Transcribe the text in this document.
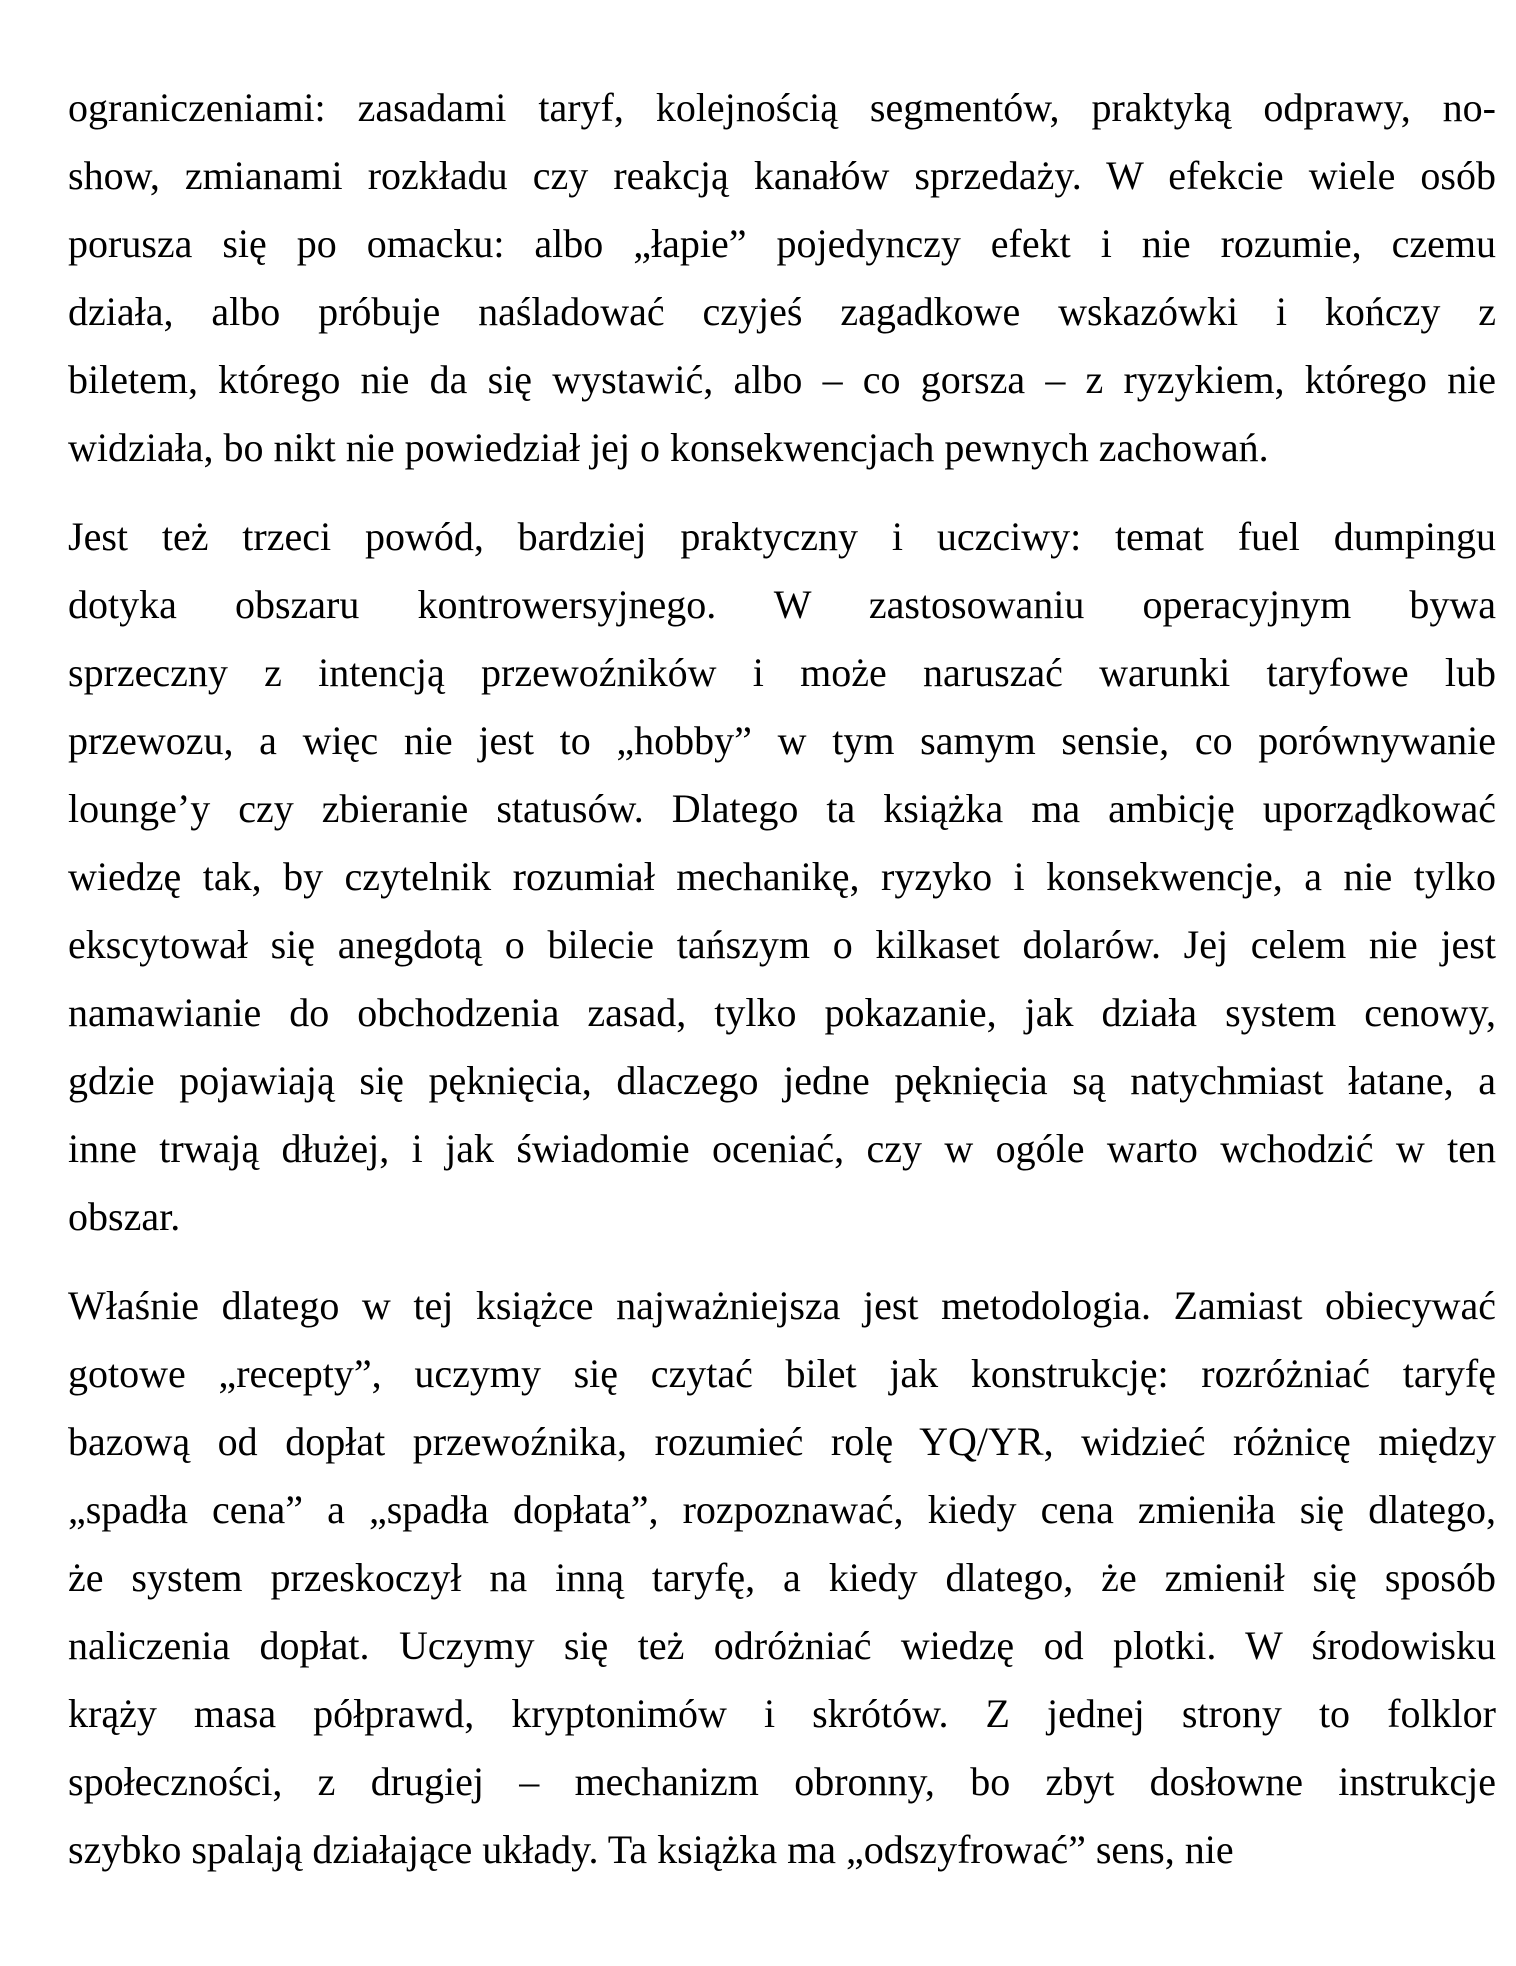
ograniczeniami: zasadami taryf, kolejnością segmentów, praktyką odprawy, no-
show, zmianami rozkładu czy reakcją kanałów sprzedaży. W efekcie wiele osób
porusza się po omacku: albo „łapie” pojedynczy efekt i nie rozumie, czemu
działa, albo próbuje naśladować czyjeś zagadkowe wskazówki i kończy z
biletem, którego nie da się wystawić, albo – co gorsza – z ryzykiem, którego nie
widziała, bo nikt nie powiedział jej o konsekwencjach pewnych zachowań.
Jest też trzeci powód, bardziej praktyczny i uczciwy: temat fuel dumpingu
dotyka obszaru kontrowersyjnego. W zastosowaniu operacyjnym bywa
sprzeczny z intencją przewoźników i może naruszać warunki taryfowe lub
przewozu, a więc nie jest to „hobby” w tym samym sensie, co porównywanie
lounge’y czy zbieranie statusów. Dlatego ta książka ma ambicję uporządkować
wiedzę tak, by czytelnik rozumiał mechanikę, ryzyko i konsekwencje, a nie tylko
ekscytował się anegdotą o bilecie tańszym o kilkaset dolarów. Jej celem nie jest
namawianie do obchodzenia zasad, tylko pokazanie, jak działa system cenowy,
gdzie pojawiają się pęknięcia, dlaczego jedne pęknięcia są natychmiast łatane, a
inne trwają dłużej, i jak świadomie oceniać, czy w ogóle warto wchodzić w ten
obszar.
Właśnie dlatego w tej książce najważniejsza jest metodologia. Zamiast obiecywać
gotowe „recepty”, uczymy się czytać bilet jak konstrukcję: rozróżniać taryfę
bazową od dopłat przewoźnika, rozumieć rolę YQ/YR, widzieć różnicę między
„spadła cena” a „spadła dopłata”, rozpoznawać, kiedy cena zmieniła się dlatego,
że system przeskoczył na inną taryfę, a kiedy dlatego, że zmienił się sposób
naliczenia dopłat. Uczymy się też odróżniać wiedzę od plotki. W środowisku
krąży masa półprawd, kryptonimów i skrótów. Z jednej strony to folklor
społeczności, z drugiej – mechanizm obronny, bo zbyt dosłowne instrukcje
szybko spalają działające układy. Ta książka ma „odszyfrować” sens, nie
